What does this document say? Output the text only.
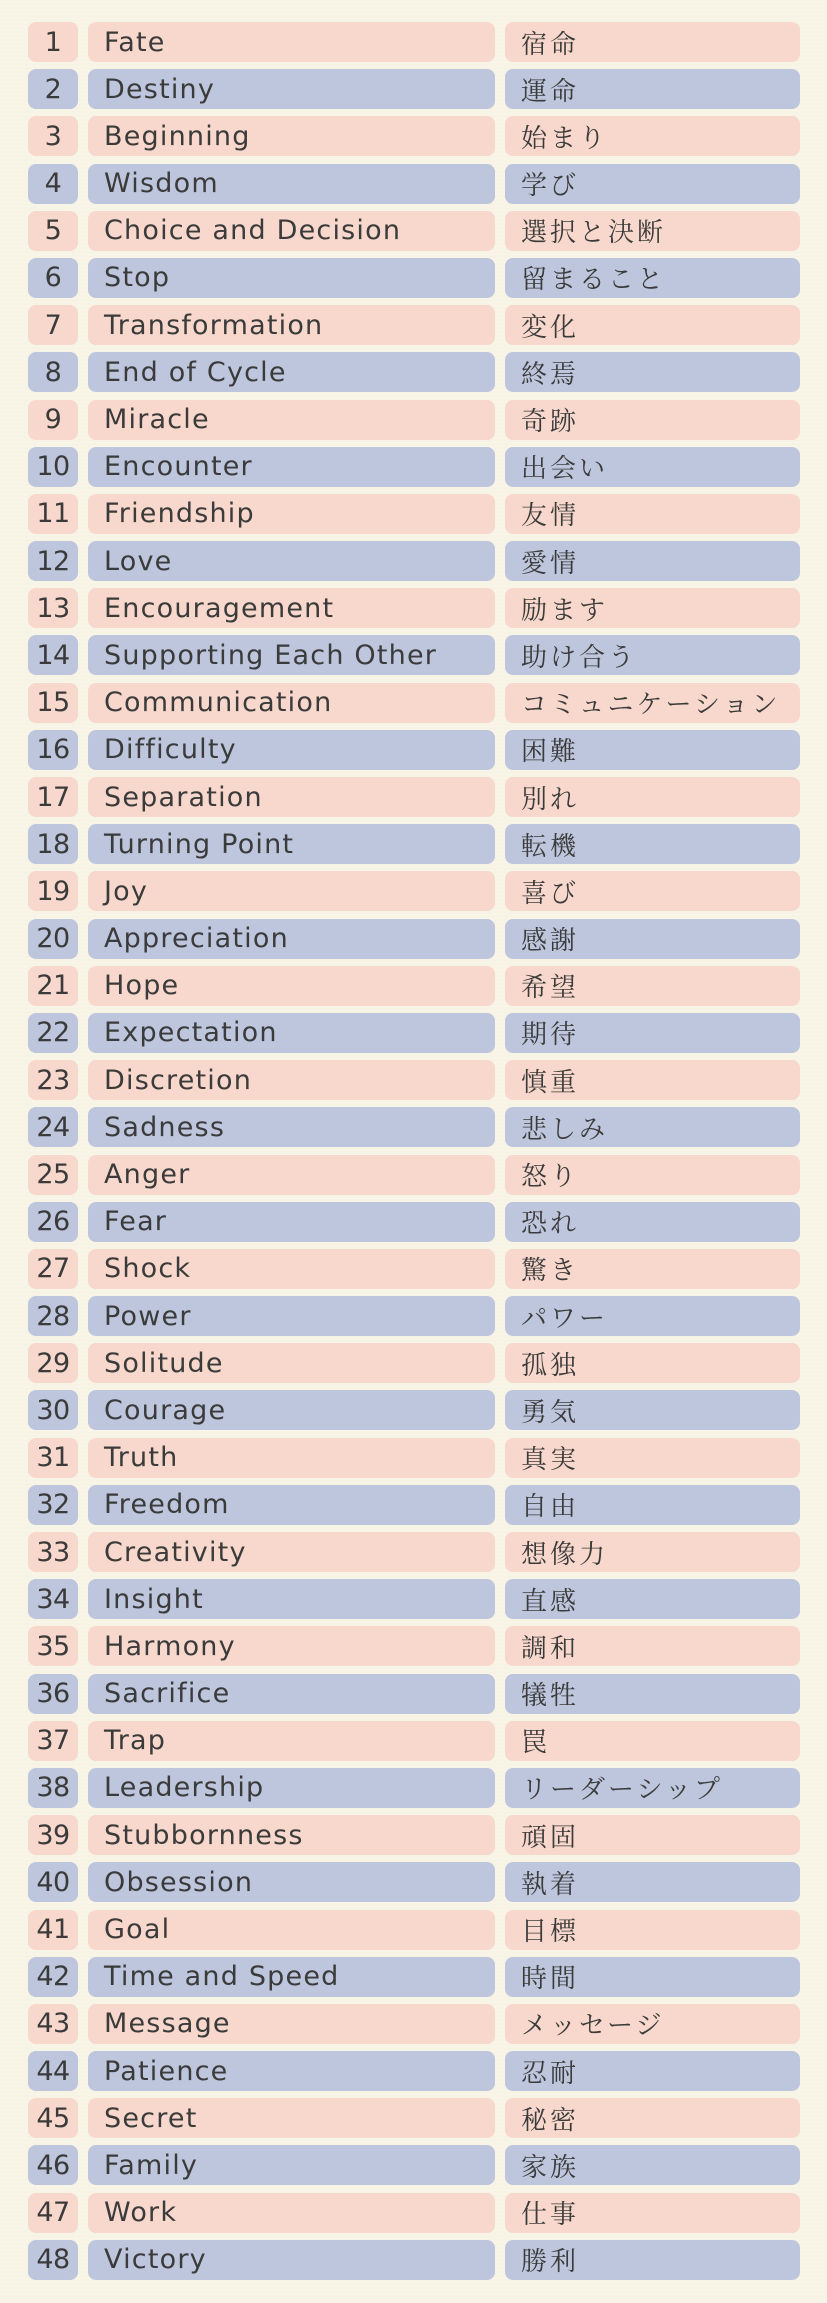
1	Fate	宿命
2	Destiny	運命
3	Beginning	始まり
4	Wisdom	学び
5	Choice and Decision	選択と決断
6	Stop	留まること
7	Transformation	変化
8	End of Cycle	終焉
9	Miracle	奇跡
10	Encounter	出会い
11	Friendship	友情
12	Love	愛情
13	Encouragement	励ます
14	Supporting Each Other	助け合う
15	Communication	コミュニケーション
16	Difficulty	困難
17	Separation	別れ
18	Turning Point	転機
19	Joy	喜び
20	Appreciation	感謝
21	Hope	希望
22	Expectation	期待
23	Discretion	慎重
24	Sadness	悲しみ
25	Anger	怒り
26	Fear	恐れ
27	Shock	驚き
28	Power	パワー
29	Solitude	孤独
30	Courage	勇気
31	Truth	真実
32	Freedom	自由
33	Creativity	想像力
34	Insight	直感
35	Harmony	調和
36	Sacrifice	犠牲
37	Trap	罠
38	Leadership	リーダーシップ
39	Stubbornness	頑固
40	Obsession	執着
41	Goal	目標
42	Time and Speed	時間
43	Message	メッセージ
44	Patience	忍耐
45	Secret	秘密
46	Family	家族
47	Work	仕事
48	Victory	勝利
